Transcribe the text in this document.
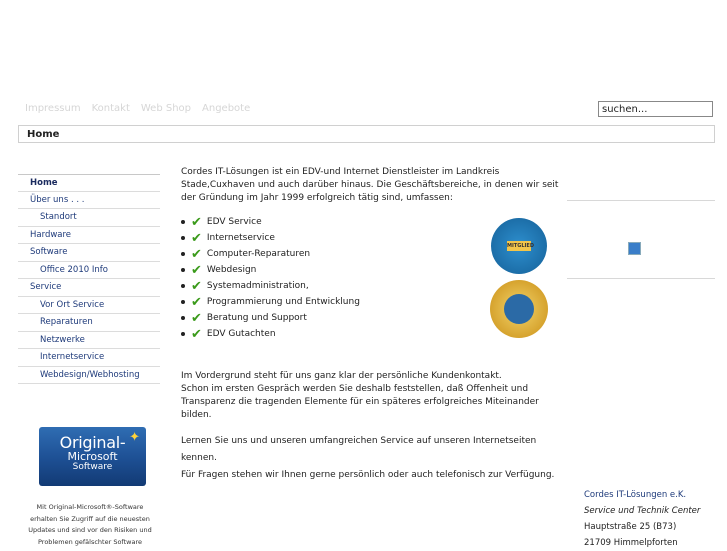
Impressum Kontakt Web Shop Angebote
suchen...
Home
Home
Über uns . . .
Standort
Hardware
Software
Office 2010 Info
Service
Vor Ort Service
Reparaturen
Netzwerke
Internetservice
Webdesign/Webhosting
✦
Original-
Microsoft
Software
Mit Original-Microsoft®-Software erhalten Sie Zugriff auf die neuesten Updates und sind vor den Risiken und Problemen gefälschter Software

Cordes IT-Lösungen ist ein EDV-und Internet Dienstleister im Landkreis Stade,Cuxhaven und auch darüber hinaus. Die Geschäftsbereiche, in denen wir seit der Gründung im Jahr 1999 erfolgreich tätig sind, umfassen:

✔ EDV Service
✔ Internetservice
✔ Computer-Reparaturen
✔ Webdesign
✔ Systemadministration,
✔ Programmierung und Entwicklung
✔ Beratung und Support
✔ EDV Gutachten
MITGLIED
Im Vordergrund steht für uns ganz klar der persönliche Kundenkontakt.
Schon im ersten Gespräch werden Sie deshalb feststellen, daß Offenheit und Transparenz die tragenden Elemente für ein späteres erfolgreiches Miteinander bilden.
Lernen Sie uns und unseren umfangreichen Service auf unseren Internetseiten kennen.
Für Fragen stehen wir Ihnen gerne persönlich oder auch telefonisch zur Verfügung.
Cordes IT-Lösungen e.K.
Service und Technik Center
Hauptstraße 25 (B73)
21709 Himmelpforten
